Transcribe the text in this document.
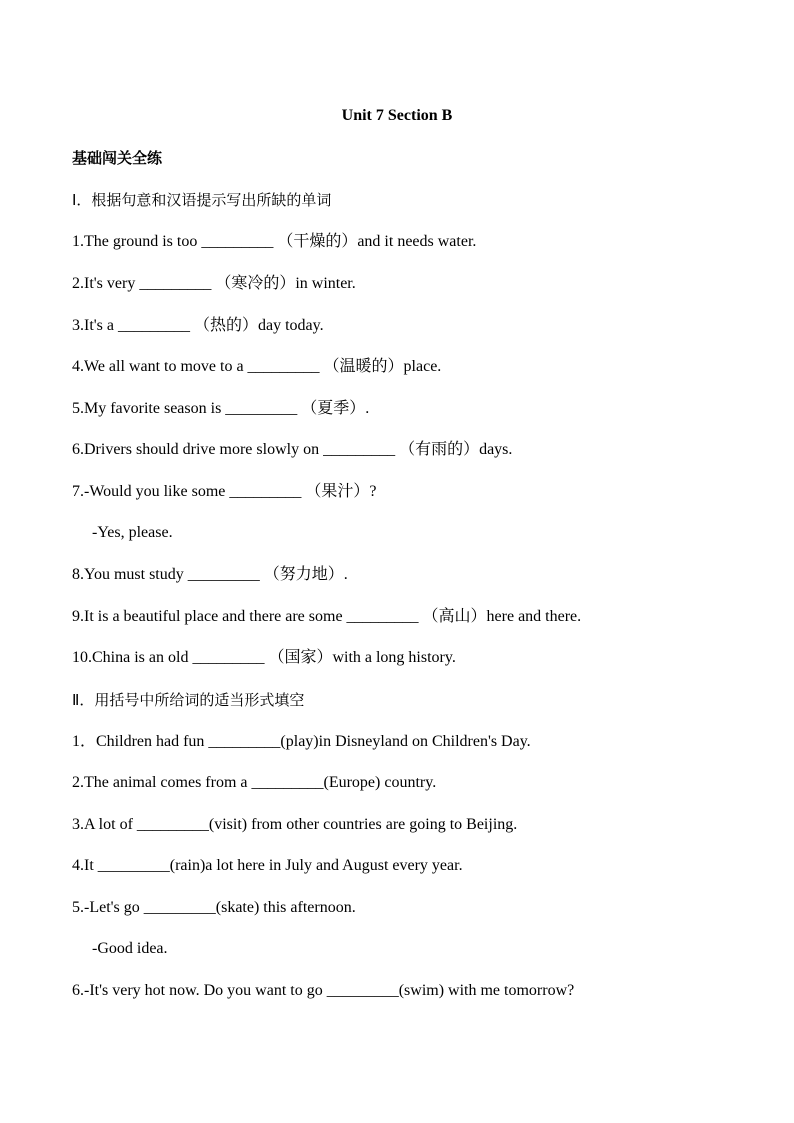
Unit 7 Section B
基础闯关全练
Ⅰ．根据句意和汉语提示写出所缺的单词
1.The ground is too _________ （干燥的）and it needs water.
2.It's very _________ （寒冷的）in winter.
3.It's a _________ （热的）day today.
4.We all want to move to a _________ （温暖的）place.
5.My favorite season is _________ （夏季）.
6.Drivers should drive more slowly on _________ （有雨的）days.
7.-Would you like some _________ （果汁）?
-Yes, please.
8.You must study _________ （努力地）.
9.It is a beautiful place and there are some _________ （高山）here and there.
10.China is an old _________ （国家）with a long history.
Ⅱ．用括号中所给词的适当形式填空
1．Children had fun _________(play)in Disneyland on Children's Day.
2.The animal comes from a _________(Europe) country.
3.A lot of _________(visit) from other countries are going to Beijing.
4.It _________(rain)a lot here in July and August every year.
5.-Let's go _________(skate) this afternoon.
-Good idea.
6.-It's very hot now. Do you want to go _________(swim) with me tomorrow?
